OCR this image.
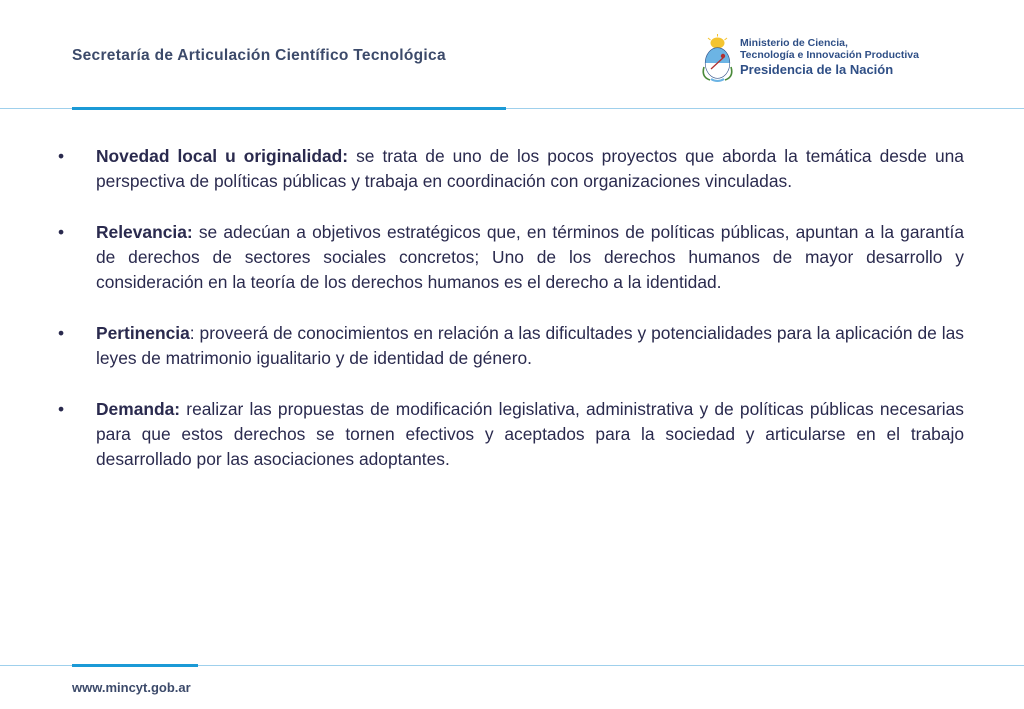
Secretaría de Articulación Científico Tecnológica
Ministerio de Ciencia,
Tecnología e Innovación Productiva
Presidencia de la Nación
• Novedad local u originalidad: se trata de uno de los pocos proyectos que aborda la temática desde una perspectiva de políticas públicas y trabaja en coordinación con organizaciones vinculadas.
• Relevancia: se adecúan a objetivos estratégicos que, en términos de políticas públicas, apuntan a la garantía de derechos de sectores sociales concretos; Uno de los derechos humanos de mayor desarrollo y consideración en la teoría de los derechos humanos es el derecho a la identidad.
• Pertinencia: proveerá de conocimientos en relación a las dificultades y potencialidades para la aplicación de las leyes de matrimonio igualitario y de identidad de género.
• Demanda: realizar las propuestas de modificación legislativa, administrativa y de políticas públicas necesarias para que estos derechos se tornen efectivos y aceptados para la sociedad y articularse en el trabajo desarrollado por las asociaciones adoptantes.
www.mincyt.gob.ar
